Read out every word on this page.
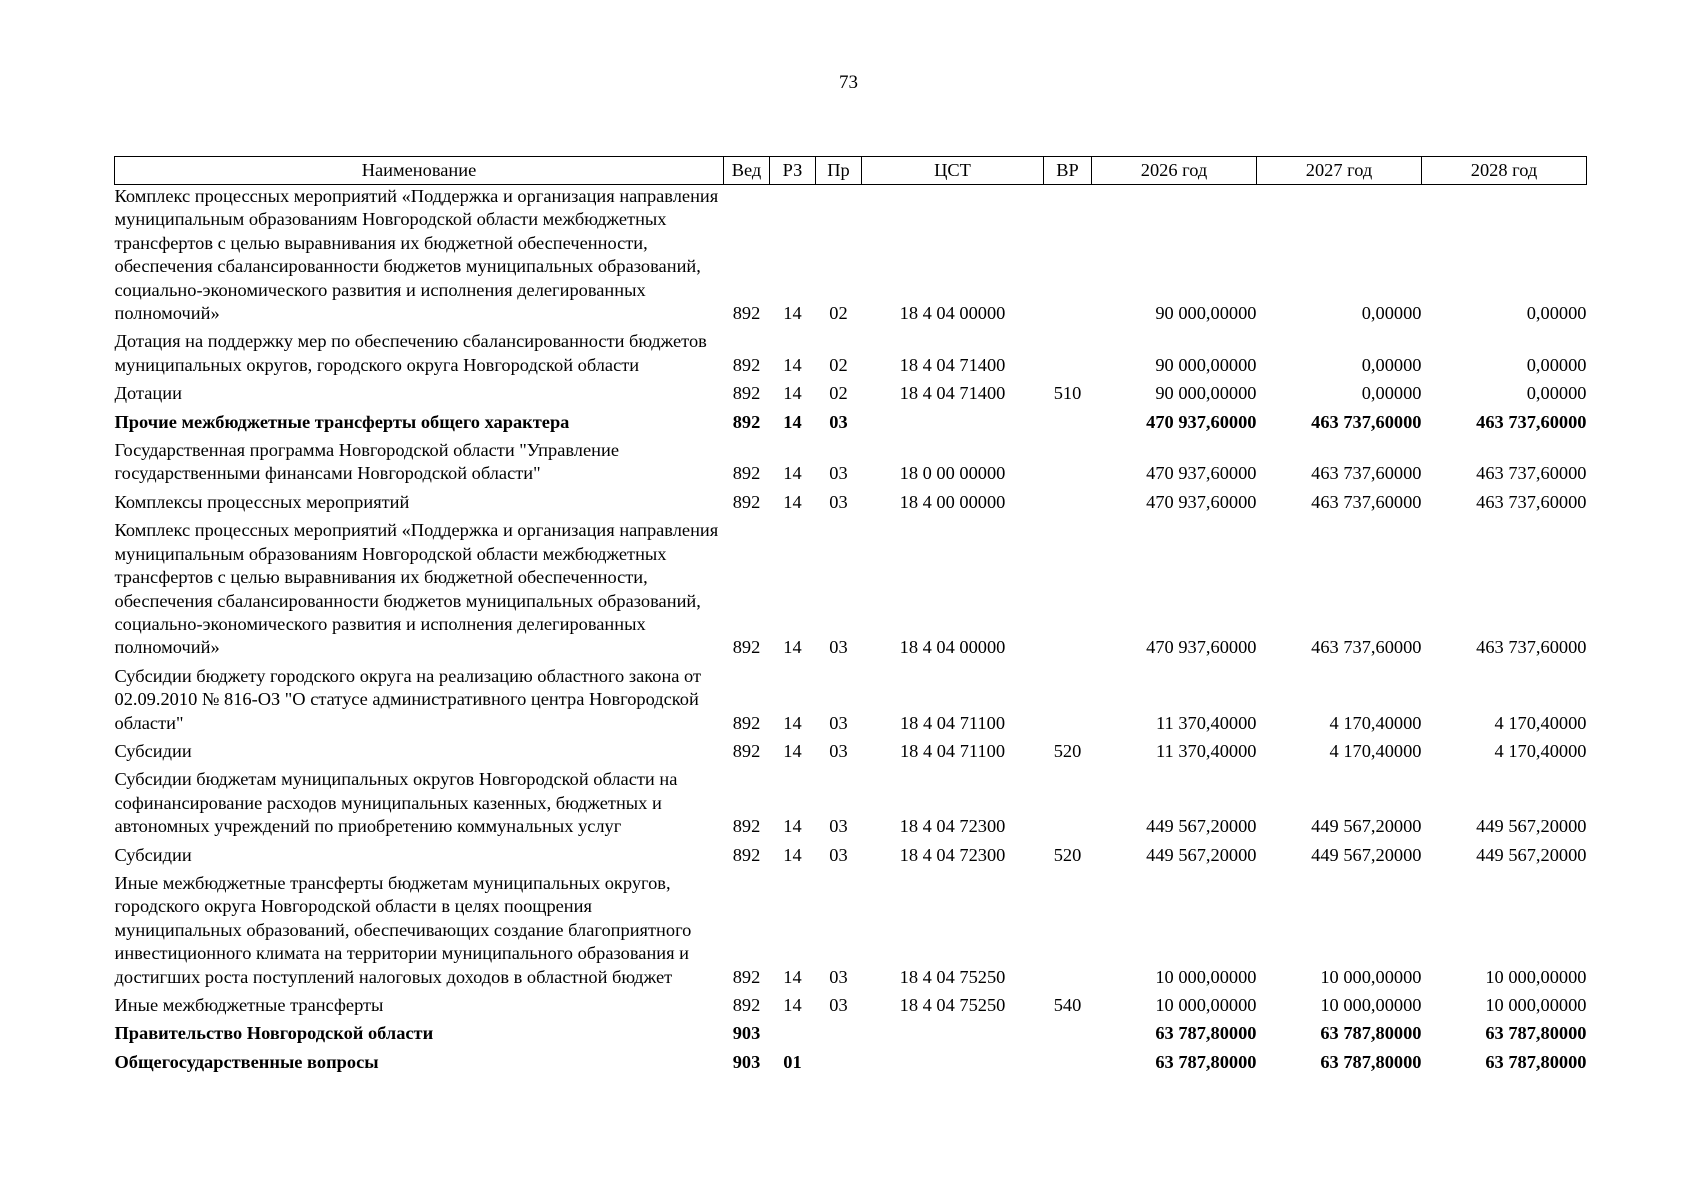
73
Наименование	Вед	РЗ	Пр	ЦСТ	ВР	2026 год	2027 год	2028 год
Комплекс процессных мероприятий «Поддержка и организация направления муниципальным образованиям Новгородской области межбюджетных трансфертов с целью выравнивания их бюджетной обеспеченности, обеспечения сбалансированности бюджетов муниципальных образований, социально-экономического развития и исполнения делегированных полномочий»	892	14	02	18 4 04 00000		90 000,00000	0,00000	0,00000
Дотация на поддержку мер по обеспечению сбалансированности бюджетов муниципальных округов, городского округа Новгородской области	892	14	02	18 4 04 71400		90 000,00000	0,00000	0,00000
Дотации	892	14	02	18 4 04 71400	510	90 000,00000	0,00000	0,00000
Прочие межбюджетные трансферты общего характера	892	14	03			470 937,60000	463 737,60000	463 737,60000
Государственная программа Новгородской области "Управление государственными финансами Новгородской области"	892	14	03	18 0 00 00000		470 937,60000	463 737,60000	463 737,60000
Комплексы процессных мероприятий	892	14	03	18 4 00 00000		470 937,60000	463 737,60000	463 737,60000
Комплекс процессных мероприятий «Поддержка и организация направления муниципальным образованиям Новгородской области межбюджетных трансфертов с целью выравнивания их бюджетной обеспеченности, обеспечения сбалансированности бюджетов муниципальных образований, социально-экономического развития и исполнения делегированных полномочий»	892	14	03	18 4 04 00000		470 937,60000	463 737,60000	463 737,60000
Субсидии бюджету городского округа на реализацию областного закона от 02.09.2010 № 816-ОЗ "О статусе административного центра Новгородской области"	892	14	03	18 4 04 71100		11 370,40000	4 170,40000	4 170,40000
Субсидии	892	14	03	18 4 04 71100	520	11 370,40000	4 170,40000	4 170,40000
Субсидии бюджетам муниципальных округов Новгородской области на софинансирование расходов муниципальных казенных, бюджетных и автономных учреждений по приобретению коммунальных услуг	892	14	03	18 4 04 72300		449 567,20000	449 567,20000	449 567,20000
Субсидии	892	14	03	18 4 04 72300	520	449 567,20000	449 567,20000	449 567,20000
Иные межбюджетные трансферты бюджетам муниципальных округов, городского округа Новгородской области в целях поощрения муниципальных образований, обеспечивающих создание благоприятного инвестиционного климата на территории муниципального образования и достигших роста поступлений налоговых доходов в областной бюджет	892	14	03	18 4 04 75250		10 000,00000	10 000,00000	10 000,00000
Иные межбюджетные трансферты	892	14	03	18 4 04 75250	540	10 000,00000	10 000,00000	10 000,00000
Правительство Новгородской области	903					63 787,80000	63 787,80000	63 787,80000
Общегосударственные вопросы	903	01				63 787,80000	63 787,80000	63 787,80000
